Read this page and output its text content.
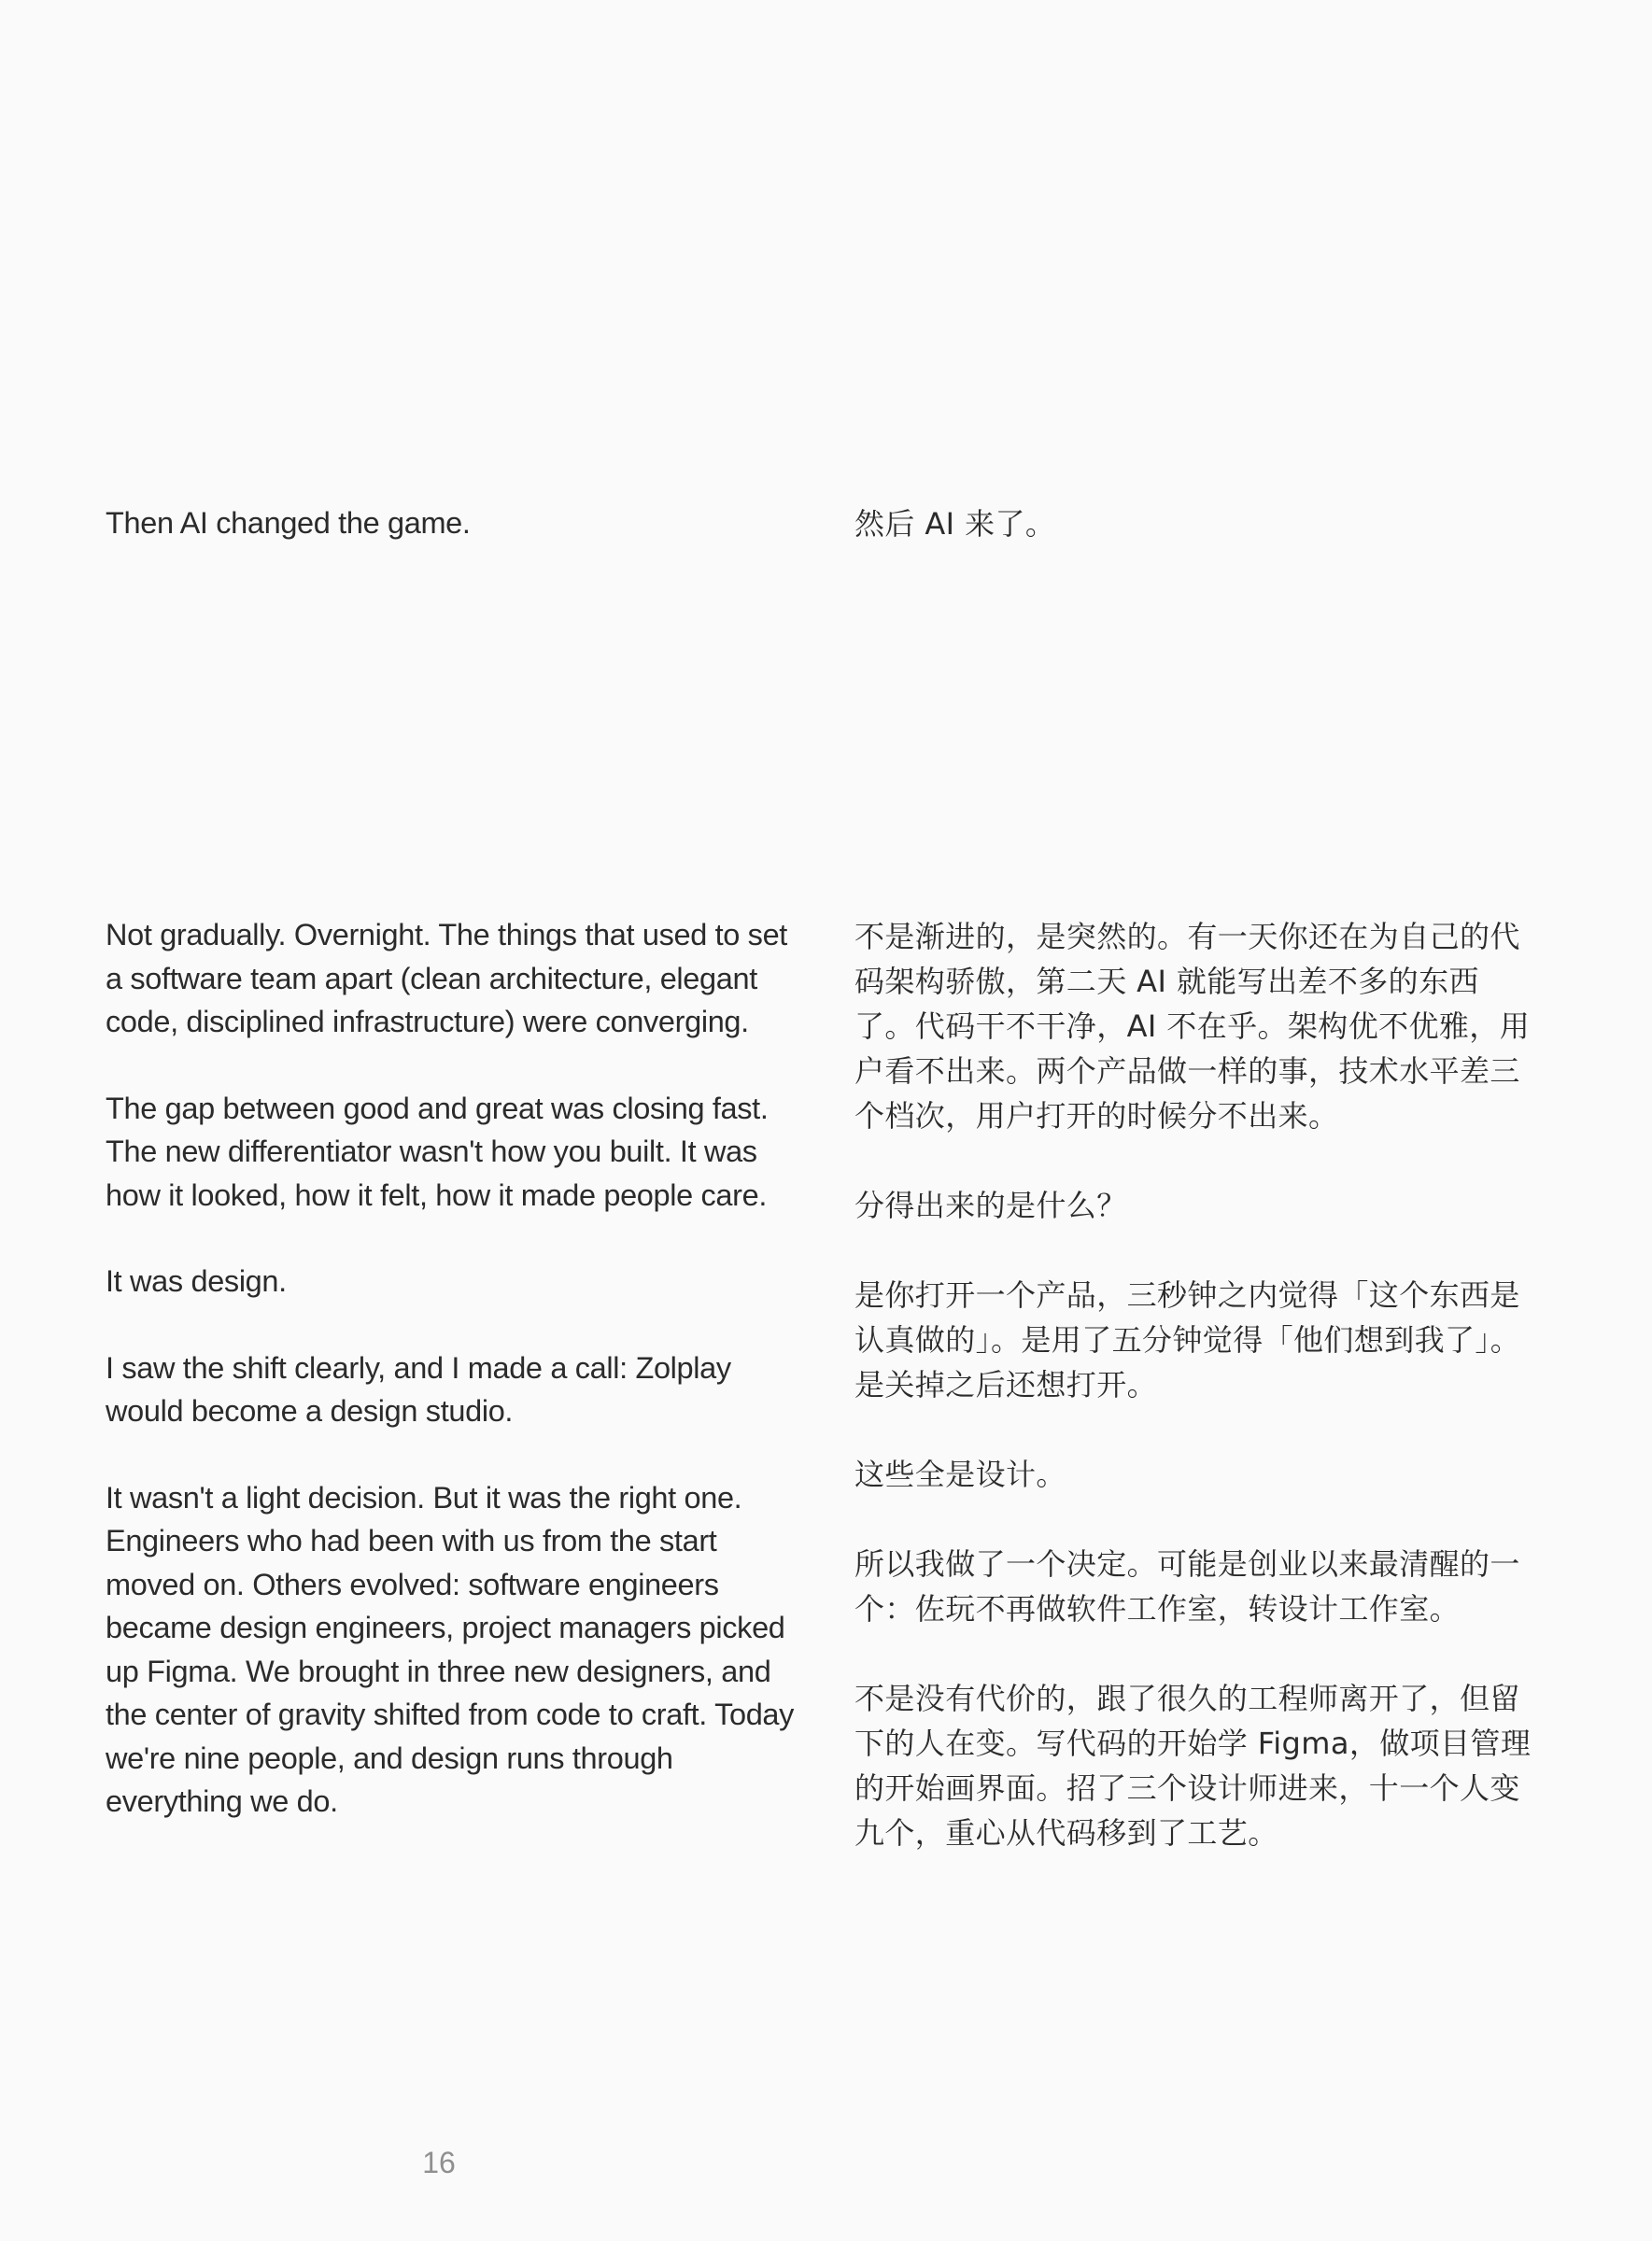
Then AI changed the game.	然后 AI 来了。

Not gradually. Overnight. The things that used to set a software team apart (clean architecture, elegant code, disciplined infrastructure) were converging.
The gap between good and great was closing fast. The new differentiator wasn't how you built. It was how it looked, how it felt, how it made people care.
It was design.
I saw the shift clearly, and I made a call: Zolplay would become a design studio.
It wasn't a light decision. But it was the right one. Engineers who had been with us from the start moved on. Others evolved: software engineers became design engineers, project managers picked up Figma. We brought in three new designers, and the center of gravity shifted from code to craft. Today we're nine people, and design runs through everything we do.
不是渐进的，是突然的。有一天你还在为自己的代码架构骄傲，第二天 AI 就能写出差不多的东西了。代码干不干净，AI 不在乎。架构优不优雅，用户看不出来。两个产品做一样的事，技术水平差三个档次，用户打开的时候分不出来。
分得出来的是什么？
是你打开一个产品，三秒钟之内觉得「这个东西是认真做的」。是用了五分钟觉得「他们想到我了」。是关掉之后还想打开。
这些全是设计。
所以我做了一个决定。可能是创业以来最清醒的一个：佐玩不再做软件工作室，转设计工作室。
不是没有代价的，跟了很久的工程师离开了，但留下的人在变。写代码的开始学 Figma，做项目管理的开始画界面。招了三个设计师进来，十一个人变九个，重心从代码移到了工艺。
16
